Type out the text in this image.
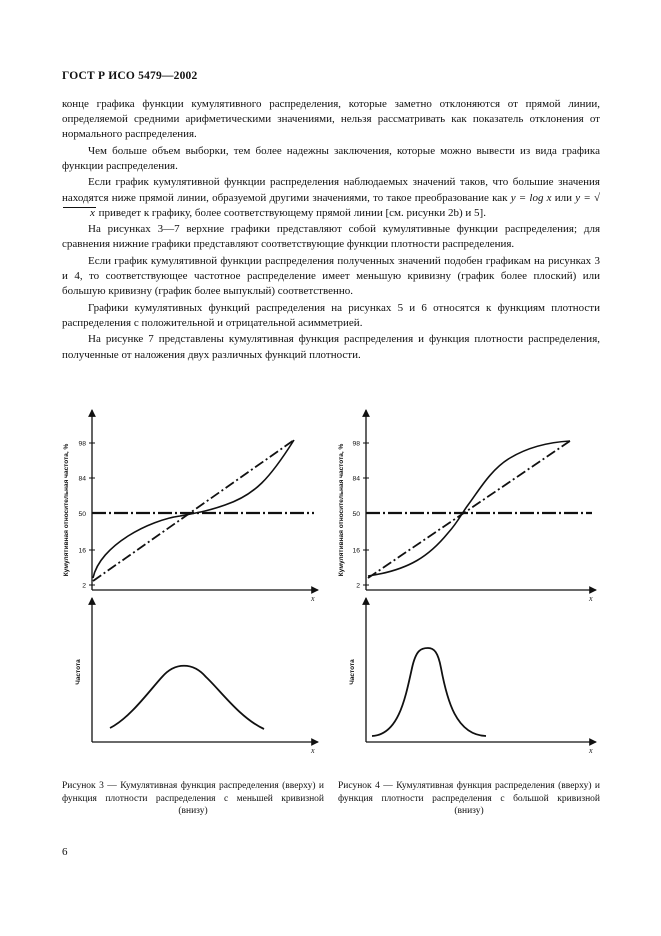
ГОСТ Р ИСО 5479—2002

конце графика функции кумулятивного распределения, которые заметно отклоняются от прямой линии, определяемой средними арифметическими значениями, нельзя рассматривать как показатель отклонения от нормального распределения.

Чем больше объем выборки, тем более надежны заключения, которые можно вывести из вида графика функции распределения.

Если график кумулятивной функции распределения наблюдаемых значений таков, что большие значения находятся ниже прямой линии, образуемой другими значениями, то такое преобразование как y = log x или y = √x приведет к графику, более соответствующему прямой линии [см. рисунки 2b) и 5].

На рисунках 3—7 верхние графики представляют собой кумулятивные функции распределения; для сравнения нижние графики представляют соответствующие функции плотности распределения.

Если график кумулятивной функции распределения полученных значений подобен графикам на рисунках 3 и 4, то соответствующее частотное распределение имеет меньшую кривизну (график более плоский) или большую кривизну (график более выпуклый) соответственно.

Графики кумулятивных функций распределения на рисунках 5 и 6 относятся к функциям плотности распределения с положительной и отрицательной асимметрией.

На рисунке 7 представлены кумулятивная функция распределения и функция плотности распределения, полученные от наложения двух различных функций плотности.

98
84
50
16
2
Кумулятивная относительная частота, %
x
Частота
x
98
84
50
16
2
Кумулятивная относительная частота, %
x
Частота
x
Рисунок 3 — Кумулятивная функция распределения (вверху) и функция плотности распределения с меньшей кривизной (внизу)
Рисунок 4 — Кумулятивная функция распределения (вверху) и функция плотности распределения с большой кривизной (внизу)
6
